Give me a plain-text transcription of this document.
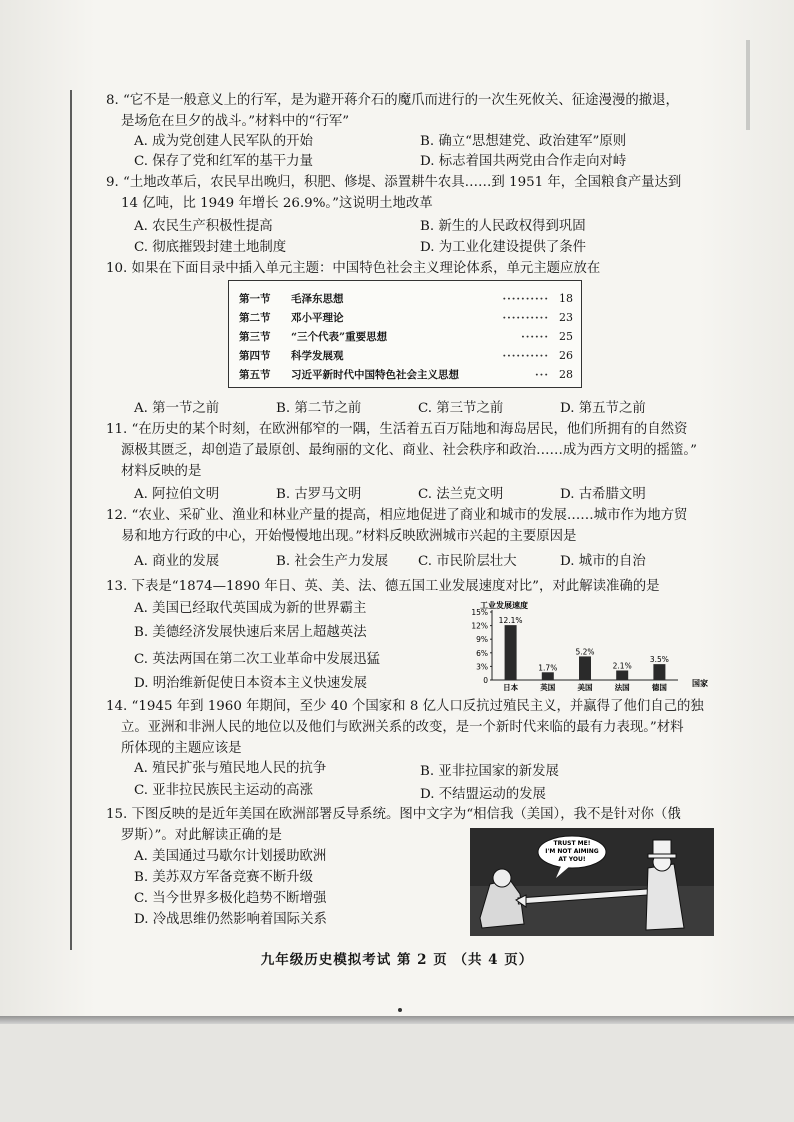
8. “它不是一般意义上的行军，是为避开蒋介石的魔爪而进行的一次生死攸关、征途漫漫的撤退，
是场危在旦夕的战斗。”材料中的“行军”
A. 成为党创建人民军队的开始	B. 确立“思想建党、政治建军”原则
C. 保存了党和红军的基干力量	D. 标志着国共两党由合作走向对峙
9. “土地改革后，农民早出晚归，积肥、修堤、添置耕牛农具……到 1951 年，全国粮食产量达到
14 亿吨，比 1949 年增长 26.9%。”这说明土地改革
A. 农民生产积极性提高	B. 新生的人民政权得到巩固
C. 彻底摧毁封建土地制度	D. 为工业化建设提供了条件
10. 如果在下面目录中插入单元主题：中国特色社会主义理论体系，单元主题应放在
第一节 毛泽东思想	·········· 18
第二节 邓小平理论	·········· 23
第三节 “三个代表”重要思想	······ 25
第四节 科学发展观	·········· 26
第五节 习近平新时代中国特色社会主义思想	··· 28
A. 第一节之前	B. 第二节之前	C. 第三节之前	D. 第五节之前
11. “在历史的某个时刻，在欧洲郁窄的一隅，生活着五百万陆地和海岛居民，他们所拥有的自然资
源极其匮乏，却创造了最原创、最绚丽的文化、商业、社会秩序和政治……成为西方文明的摇篮。”
材料反映的是
A. 阿拉伯文明	B. 古罗马文明	C. 法兰克文明	D. 古希腊文明
12. “农业、采矿业、渔业和林业产量的提高，相应地促进了商业和城市的发展……城市作为地方贸
易和地方行政的中心，开始慢慢地出现。”材料反映欧洲城市兴起的主要原因是
A. 商业的发展	B. 社会生产力发展 C. 市民阶层壮大	D. 城市的自治
13. 下表是“1874—1890 年日、英、美、法、德五国工业发展速度对比”，对此解读准确的是
A. 美国已经取代英国成为新的世界霸主
B. 美德经济发展快速后来居上超越英法
C. 英法两国在第二次工业革命中发展迅猛
D. 明治维新促使日本资本主义快速发展
工业发展速度
0
3%
6%
9%
12%
15%
12.1%
1.7%
5.2%
2.1%
3.5%
日本	英国	美国	法国	德国	国家
14. “1945 年到 1960 年期间，至少 40 个国家和 8 亿人口反抗过殖民主义，并赢得了他们自己的独
立。亚洲和非洲人民的地位以及他们与欧洲关系的改变，是一个新时代来临的最有力表现。”材料
所体现的主题应该是
A. 殖民扩张与殖民地人民的抗争	B. 亚非拉国家的新发展
C. 亚非拉民族民主运动的高涨	D. 不结盟运动的发展
15. 下图反映的是近年美国在欧洲部署反导系统。图中文字为“相信我（美国），我不是针对你（俄
罗斯）”。对此解读正确的是
A. 美国通过马歇尔计划援助欧洲
B. 美苏双方军备竞赛不断升级
C. 当今世界多极化趋势不断增强
D. 冷战思维仍然影响着国际关系
TRUST ME!
I'M NOT AIMING
AT YOU!
九年级历史模拟考试 第 2 页 （共 4 页）
